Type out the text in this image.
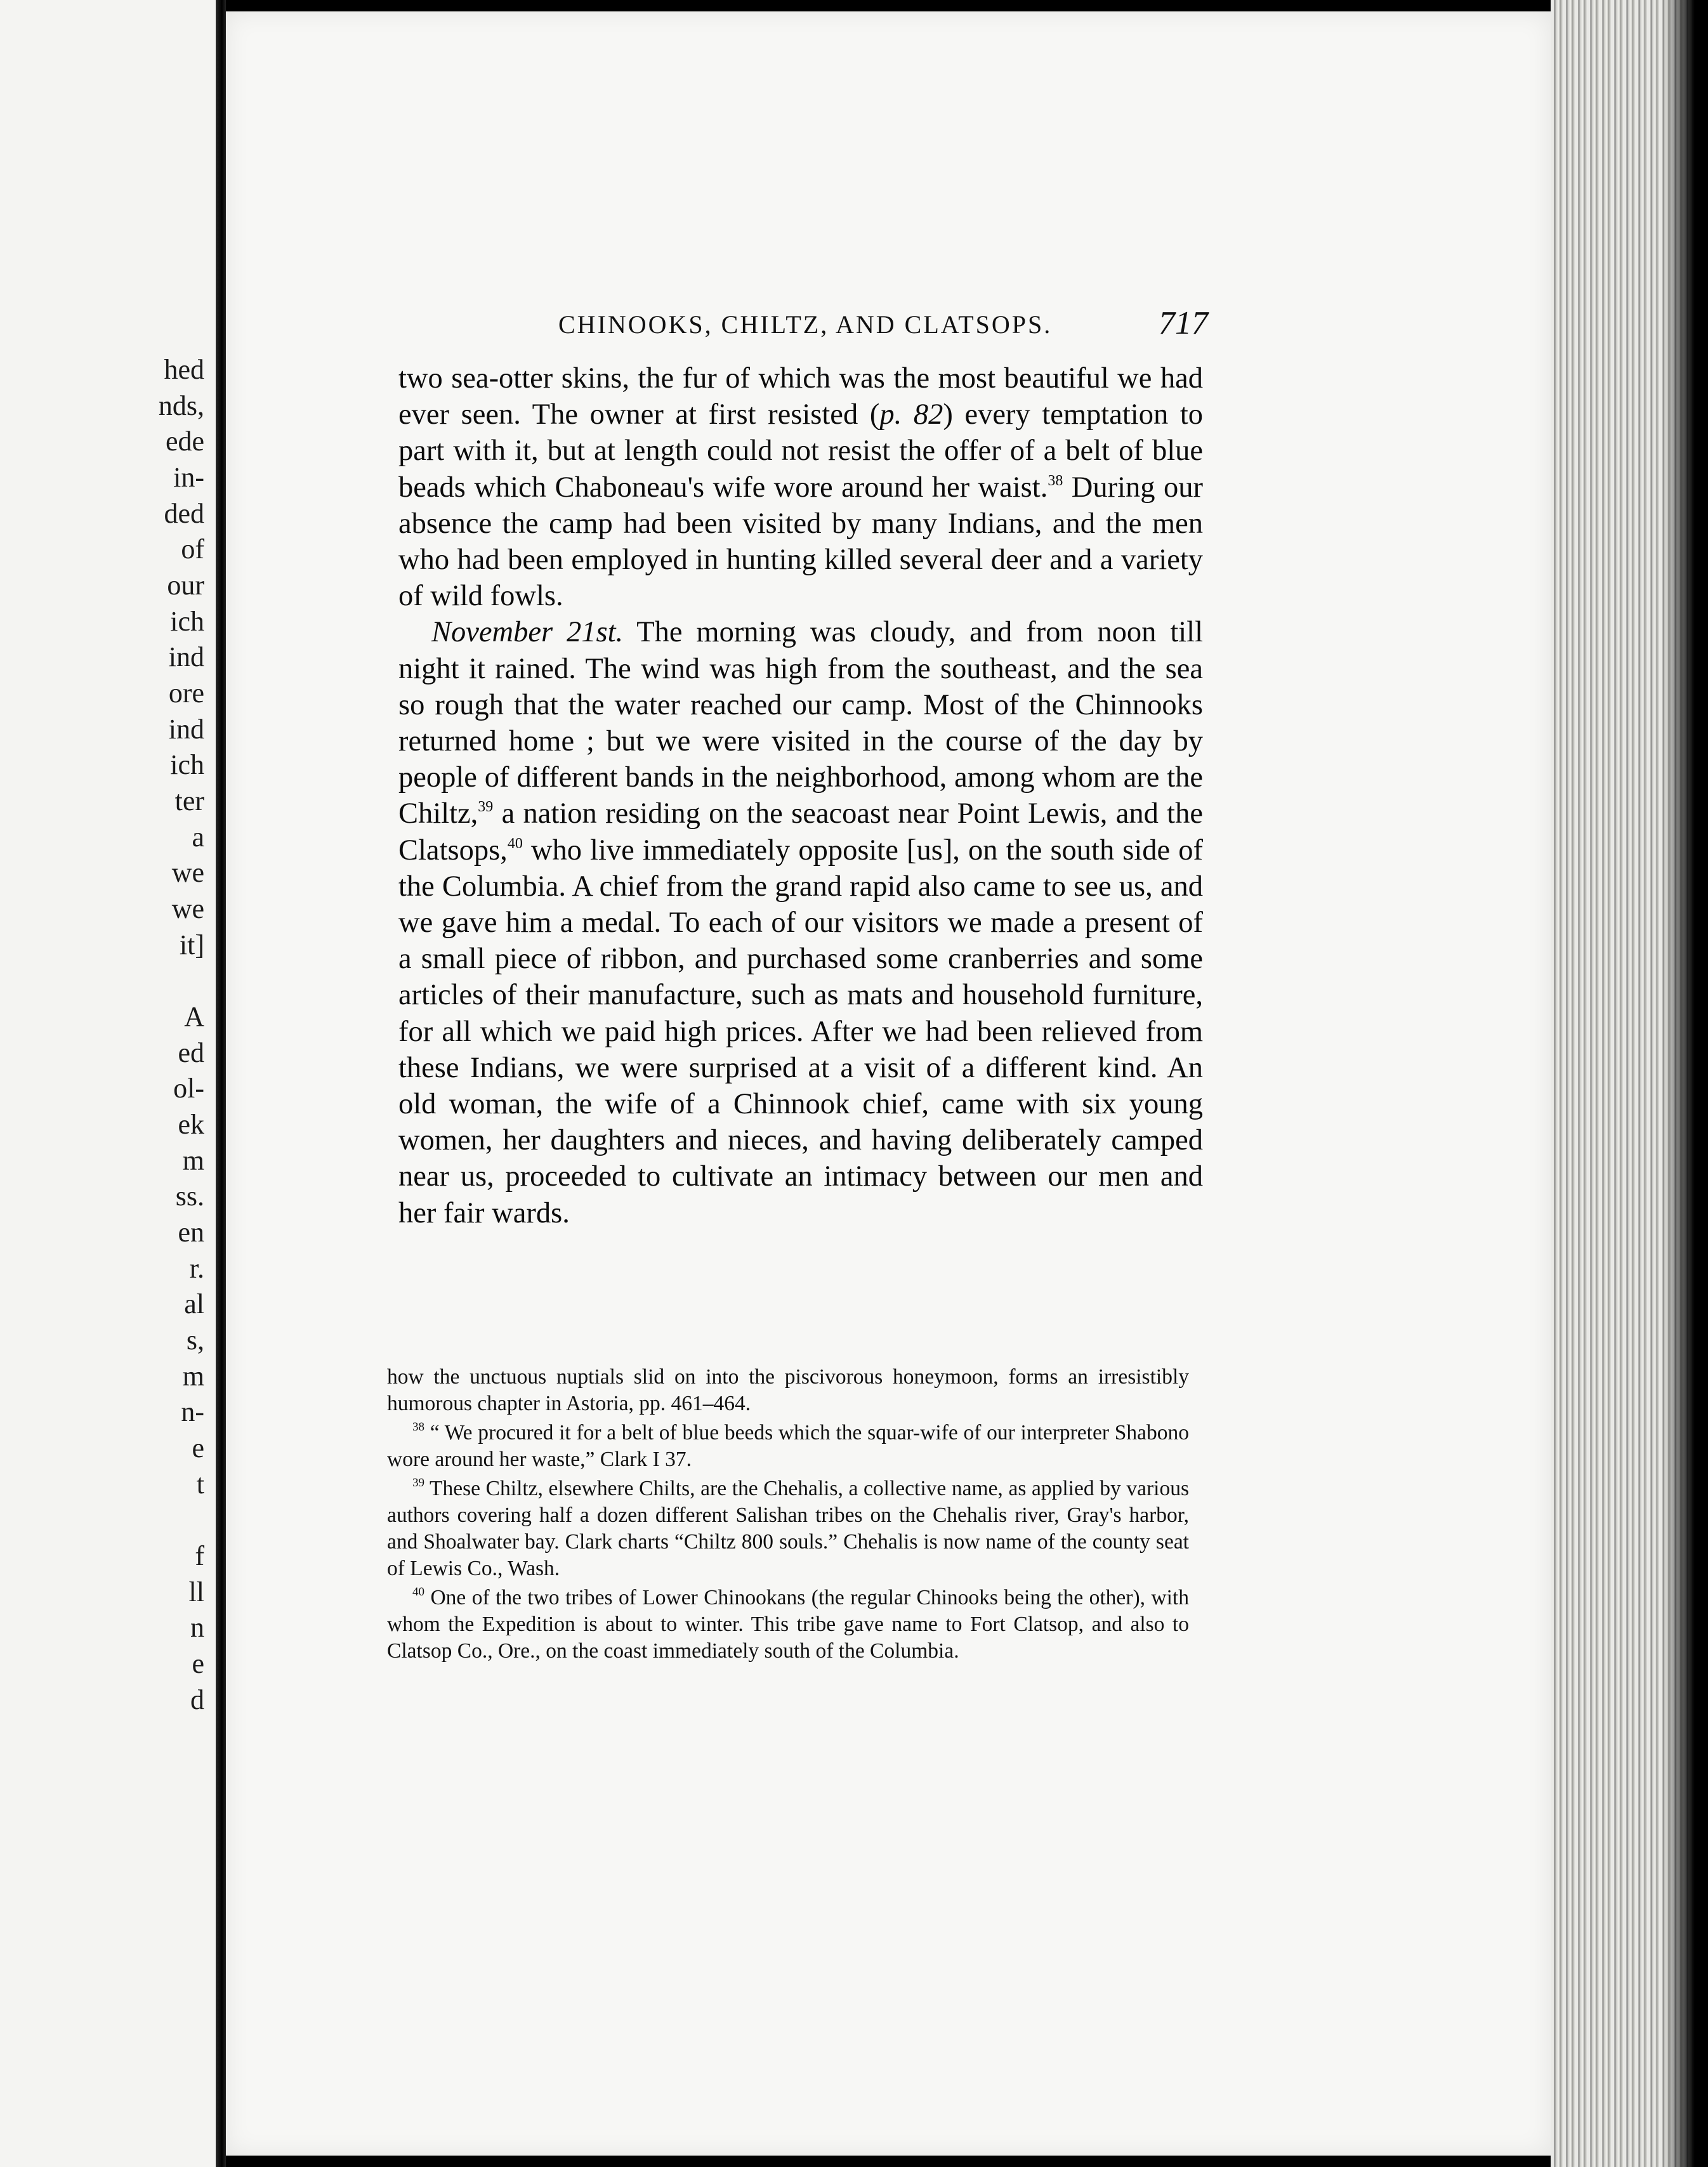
hed
nds,
ede
in-
ded
of
our
ich
ind
ore
ind
ich
ter
a
we
we
it]
A
ed
ol-
ek
m
ss.
en
r.
al
s,
m
n-
e
t
f
ll
n
e
d
CHINOOKS, CHILTZ, AND CLATSOPS.	717

two sea-otter skins, the fur of which was the most beautiful we had ever seen. The owner at first resisted (p. 82) every temptation to part with it, but at length could not resist the offer of a belt of blue beads which Chaboneau's wife wore around her waist.$^{38}$ During our absence the camp had been visited by many Indians, and the men who had been employed in hunting killed several deer and a variety of wild fowls.

November 21st. The morning was cloudy, and from noon till night it rained. The wind was high from the southeast, and the sea so rough that the water reached our camp. Most of the Chinnooks returned home ; but we were visited in the course of the day by people of different bands in the neighborhood, among whom are the Chiltz,$^{39}$ a nation residing on the seacoast near Point Lewis, and the Clatsops,$^{40}$ who live immediately opposite [us], on the south side of the Columbia. A chief from the grand rapid also came to see us, and we gave him a medal. To each of our visitors we made a present of a small piece of ribbon, and purchased some cranberries and some articles of their manufacture, such as mats and household furniture, for all which we paid high prices. After we had been relieved from these Indians, we were surprised at a visit of a different kind. An old woman, the wife of a Chinnook chief, came with six young women, her daughters and nieces, and having deliberately camped near us, proceeded to cultivate an intimacy between our men and her fair wards.

how the unctuous nuptials slid on into the piscivorous honeymoon, forms an irresistibly humorous chapter in Astoria, pp. 461–464.

$^{38}$ “ We procured it for a belt of blue beeds which the squar-wife of our interpreter Shabono wore around her waste,” Clark I 37.

$^{39}$ These Chiltz, elsewhere Chilts, are the Chehalis, a collective name, as applied by various authors covering half a dozen different Salishan tribes on the Chehalis river, Gray's harbor, and Shoalwater bay. Clark charts “Chiltz 800 souls.” Chehalis is now name of the county seat of Lewis Co., Wash.

$^{40}$ One of the two tribes of Lower Chinookans (the regular Chinooks being the other), with whom the Expedition is about to winter. This tribe gave name to Fort Clatsop, and also to Clatsop Co., Ore., on the coast immediately south of the Columbia.
